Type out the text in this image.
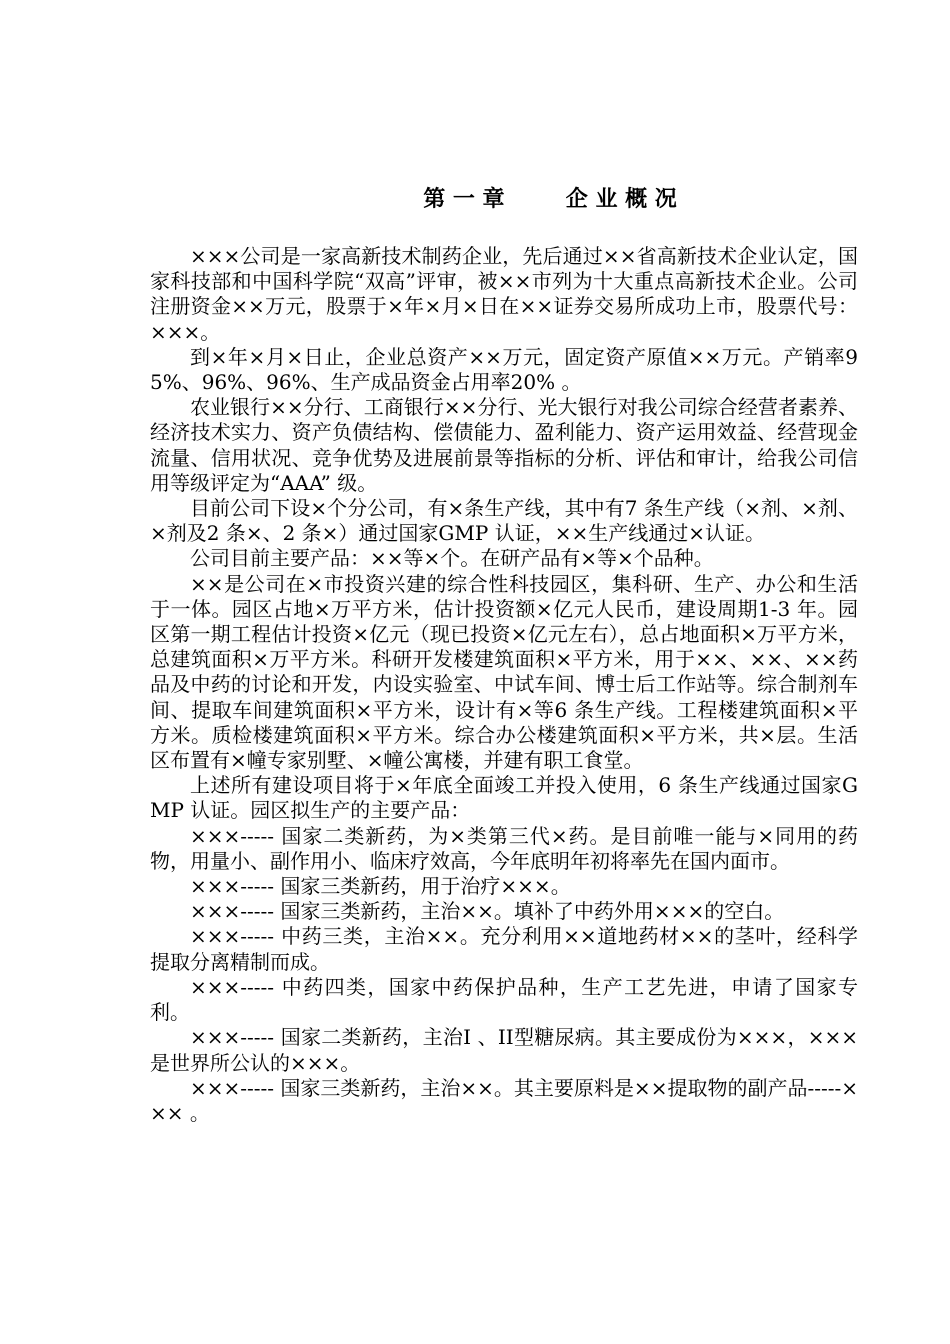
第 一 章        企 业 概 况

×××公司是一家高新技术制药企业，先后通过××省高新技术企业认定，国家科技部和中国科学院“双高”评审，被××市列为十大重点高新技术企业。公司注册资金××万元，股票于×年×月×日在××证券交易所成功上市，股票代号：×××。

到×年×月×日止，企业总资产××万元，固定资产原值××万元。产销率95%、96%、96%、生产成品资金占用率20% 。

农业银行××分行、工商银行××分行、光大银行对我公司综合经营者素养、经济技术实力、资产负债结构、偿债能力、盈利能力、资产运用效益、经营现金流量、信用状况、竞争优势及进展前景等指标的分析、评估和审计，给我公司信用等级评定为“AAA” 级。

目前公司下设×个分公司，有×条生产线，其中有7 条生产线（×剂、×剂、×剂及2 条×、2 条×）通过国家GMP 认证，××生产线通过×认证。

公司目前主要产品：××等×个。在研产品有×等×个品种。

××是公司在×市投资兴建的综合性科技园区，集科研、生产、办公和生活于一体。园区占地×万平方米，估计投资额×亿元人民币，建设周期1-3 年。园区第一期工程估计投资×亿元（现已投资×亿元左右），总占地面积×万平方米，总建筑面积×万平方米。科研开发楼建筑面积×平方米，用于××、××、××药品及中药的讨论和开发，内设实验室、中试车间、博士后工作站等。综合制剂车间、提取车间建筑面积×平方米，设计有×等6 条生产线。工程楼建筑面积×平方米。质检楼建筑面积×平方米。综合办公楼建筑面积×平方米，共×层。生活区布置有×幢专家别墅、×幢公寓楼，并建有职工食堂。

上述所有建设项目将于×年底全面竣工并投入使用，6 条生产线通过国家GMP 认证。园区拟生产的主要产品：

×××----- 国家二类新药，为×类第三代×药。是目前唯一能与×同用的药物，用量小、副作用小、临床疗效高，今年底明年初将率先在国内面市。

×××----- 国家三类新药，用于治疗×××。

×××----- 国家三类新药，主治××。填补了中药外用×××的空白。

×××----- 中药三类，主治××。充分利用××道地药材××的茎叶，经科学提取分离精制而成。

×××----- 中药四类，国家中药保护品种，生产工艺先进，申请了国家专利。

×××----- 国家二类新药，主治I 、II型糖尿病。其主要成份为×××，×××是世界所公认的×××。

×××----- 国家三类新药，主治××。其主要原料是××提取物的副产品-----××× 。
